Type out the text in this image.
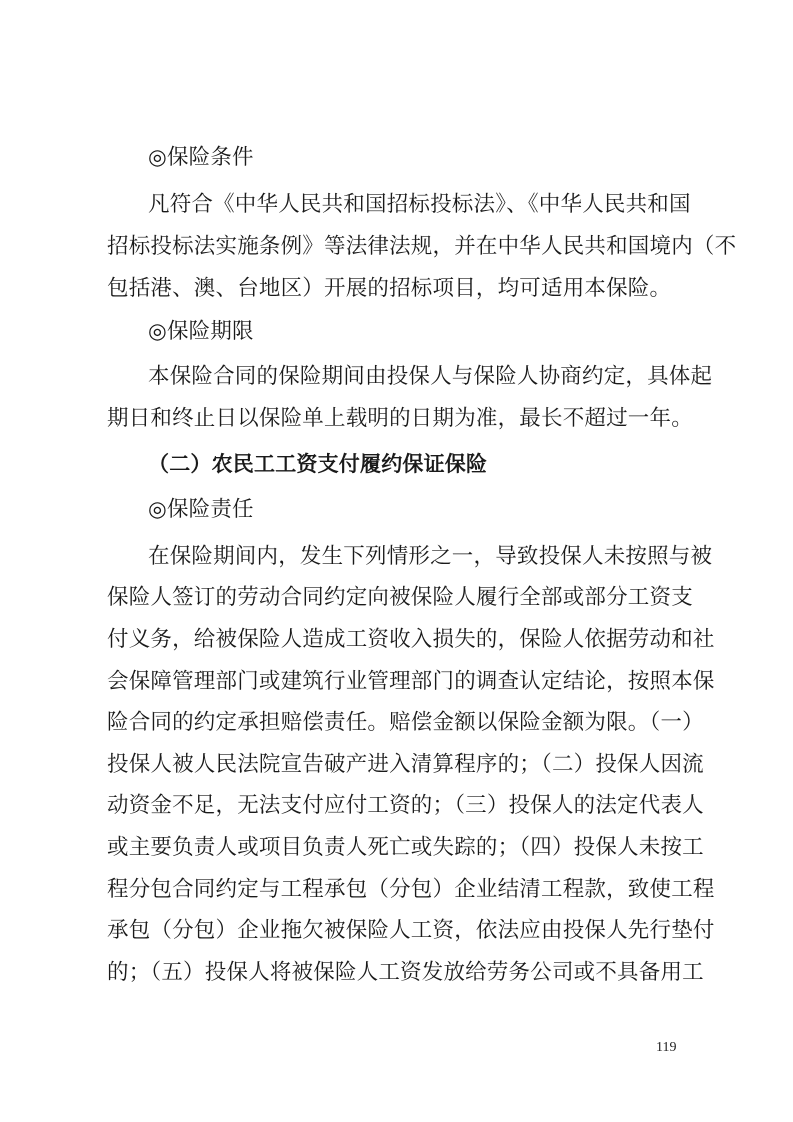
◎保险条件
凡符合《中华人民共和国招标投标法》、《中华人民共和国
招标投标法实施条例》等法律法规，并在中华人民共和国境内（不
包括港、澳、台地区）开展的招标项目，均可适用本保险。
◎保险期限
本保险合同的保险期间由投保人与保险人协商约定，具体起
期日和终止日以保险单上载明的日期为准，最长不超过一年。
（二）农民工工资支付履约保证保险
◎保险责任
在保险期间内，发生下列情形之一，导致投保人未按照与被
保险人签订的劳动合同约定向被保险人履行全部或部分工资支
付义务，给被保险人造成工资收入损失的，保险人依据劳动和社
会保障管理部门或建筑行业管理部门的调查认定结论，按照本保
险合同的约定承担赔偿责任。赔偿金额以保险金额为限。（一）
投保人被人民法院宣告破产进入清算程序的；（二）投保人因流
动资金不足，无法支付应付工资的；（三）投保人的法定代表人
或主要负责人或项目负责人死亡或失踪的；（四）投保人未按工
程分包合同约定与工程承包（分包）企业结清工程款，致使工程
承包（分包）企业拖欠被保险人工资，依法应由投保人先行垫付
的；（五）投保人将被保险人工资发放给劳务公司或不具备用工
119
